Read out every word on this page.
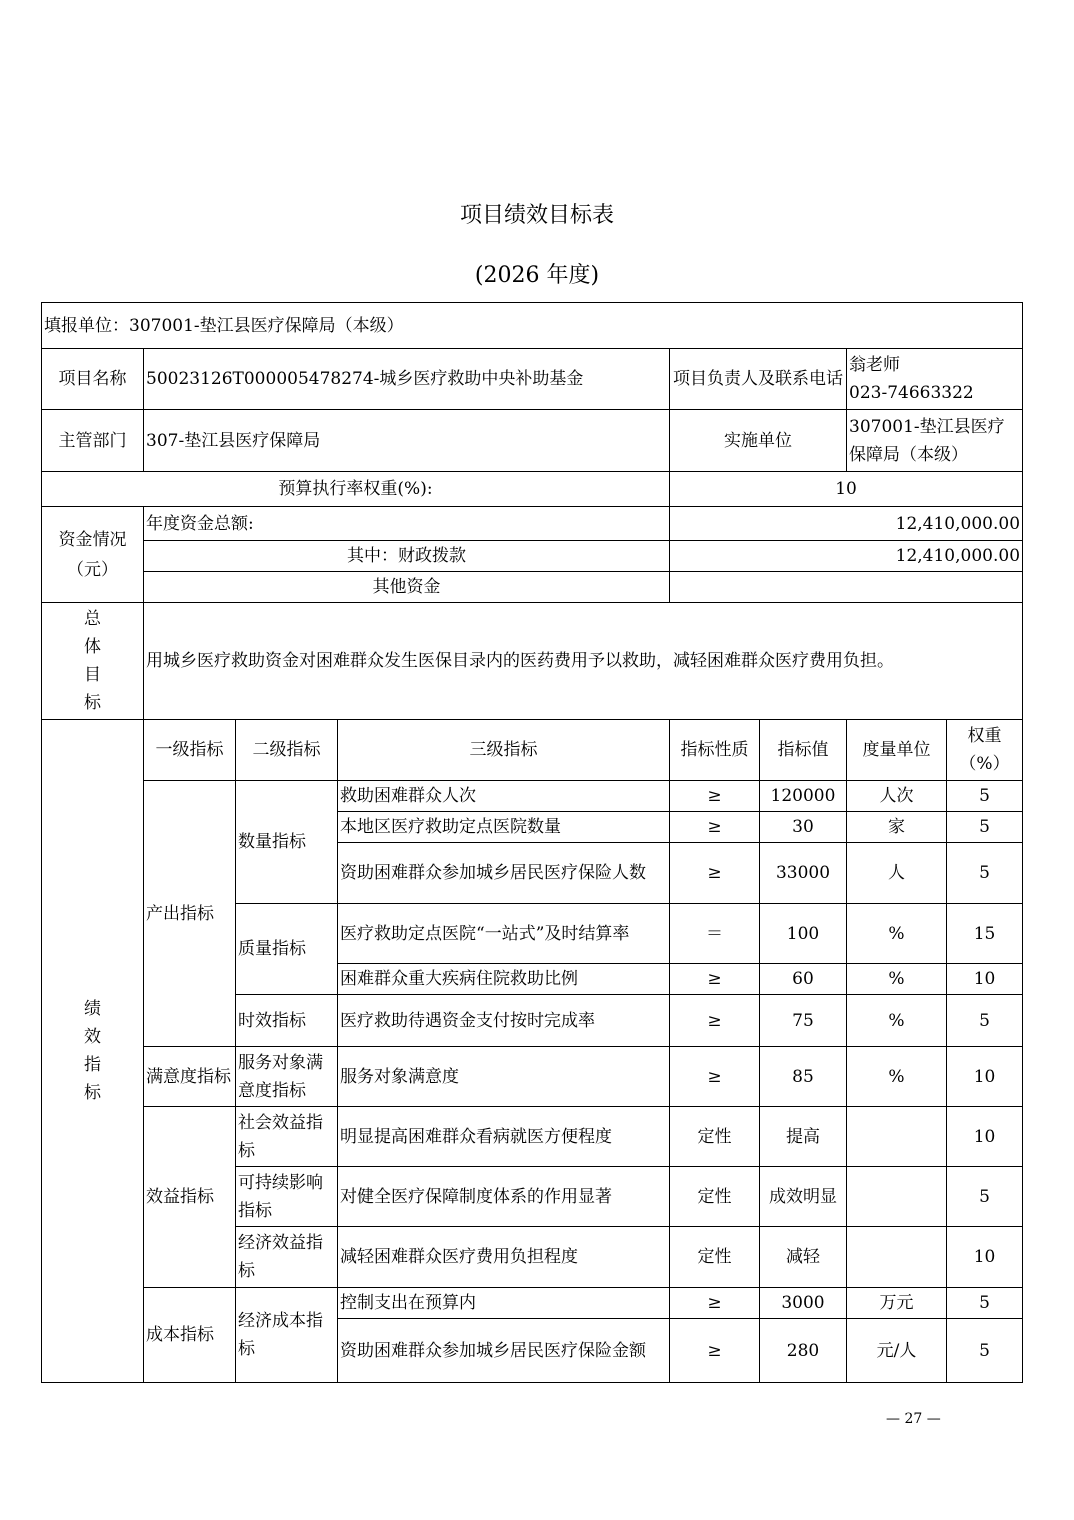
项目绩效目标表
(2026 年度)
填报单位：307001-垫江县医疗保障局（本级）							
项目名称	50023126T000005478274-城乡医疗救助中央补助基金			项目负责人及联系电话		翁老师
023-74663322	

主管部门	307-垫江县医疗保障局			实施单位		307001-垫江县医疗保障局（本级）	
预算执行率权重(%):				10			
资金情况（元）	年度资金总额:			12,410,000.00			
	其中：财政拨款			12,410,000.00			
	其他资金						

总体目标	用城乡医疗救助资金对困难群众发生医保目录内的医药费用予以救助，减轻困难群众医疗费用负担。						

绩效指标	一级指标	二级指标	三级指标	指标性质	指标值	度量单位	权重（%）
	产出指标	数量指标	救助困难群众人次	≥	120000	人次	5
			本地区医疗救助定点医院数量	≥	30	家	5
			资助困难群众参加城乡居民医疗保险人数	≥	33000	人	5
		质量指标	医疗救助定点医院“一站式”及时结算率	＝	100	%	15
			困难群众重大疾病住院救助比例	≥	60	%	10
		时效指标	医疗救助待遇资金支付按时完成率	≥	75	%	5
	满意度指标	服务对象满意度指标	服务对象满意度	≥	85	%	10
	效益指标	社会效益指标	明显提高困难群众看病就医方便程度	定性	提高		10
		可持续影响指标	对健全医疗保障制度体系的作用显著	定性	成效明显		5
		经济效益指标	减轻困难群众医疗费用负担程度	定性	减轻		10
	成本指标	经济成本指标	控制支出在预算内	≥	3000	万元	5
			资助困难群众参加城乡居民医疗保险金额	≥	280	元/人	5
— 27 —
